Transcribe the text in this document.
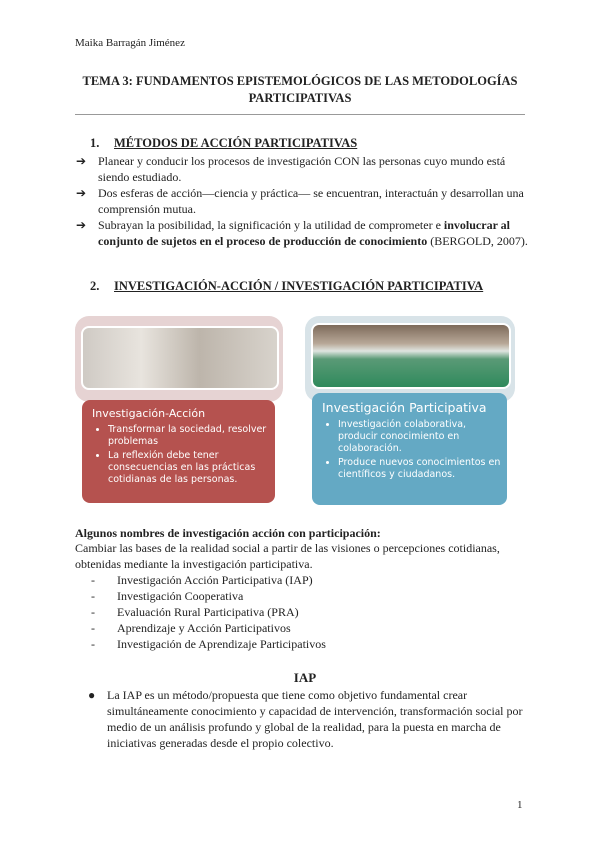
Maika Barragán Jiménez
TEMA 3: FUNDAMENTOS EPISTEMOLÓGICOS DE LAS METODOLOGÍAS PARTICIPATIVAS
1. MÉTODOS DE ACCIÓN PARTICIPATIVAS
➔ Planear y conducir los procesos de investigación CON las personas cuyo mundo está siendo estudiado.
➔ Dos esferas de acción—ciencia y práctica— se encuentran, interactuán y desarrollan una comprensión mutua.
➔ Subrayan la posibilidad, la significación y la utilidad de comprometer e involucrar al conjunto de sujetos en el proceso de producción de conocimiento (BERGOLD, 2007).
2. INVESTIGACIÓN-ACCIÓN / INVESTIGACIÓN PARTICIPATIVA
Investigación-Acción
• Transformar la sociedad, resolver problemas
• La reflexión debe tener consecuencias en las prácticas cotidianas de las personas.
Investigación Participativa
• Investigación colaborativa, producir conocimiento en colaboración.
• Produce nuevos conocimientos en científicos y ciudadanos.
Algunos nombres de investigación acción con participación:
Cambiar las bases de la realidad social a partir de las visiones o percepciones cotidianas, obtenidas mediante la investigación participativa.
- Investigación Acción Participativa (IAP)
- Investigación Cooperativa
- Evaluación Rural Participativa (PRA)
- Aprendizaje y Acción Participativos
- Investigación de Aprendizaje Participativos
IAP
● La IAP es un método/propuesta que tiene como objetivo fundamental crear simultáneamente conocimiento y capacidad de intervención, transformación social por medio de un análisis profundo y global de la realidad, para la puesta en marcha de iniciativas generadas desde el propio colectivo.
1
